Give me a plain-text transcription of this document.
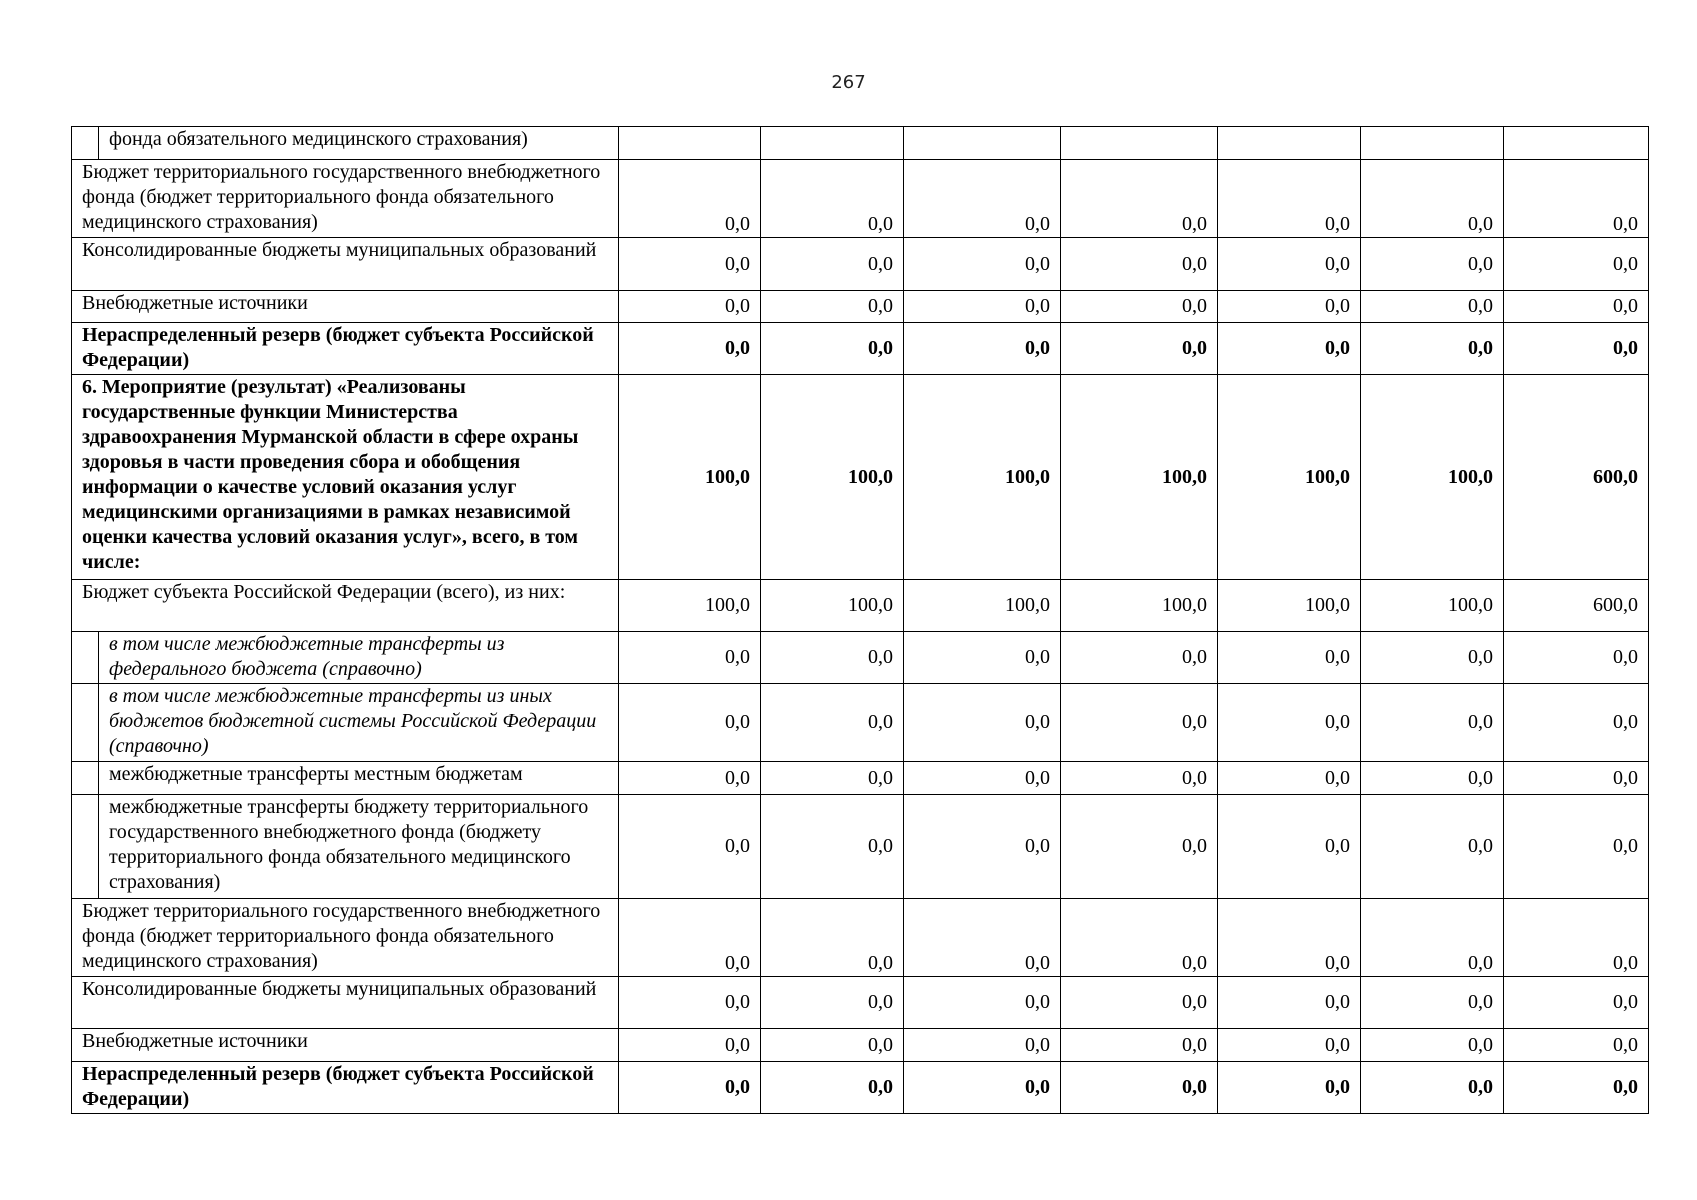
267
	фонда обязательного медицинского страхования)							
Бюджет территориального государственного внебюджетного фонда (бюджет территориального фонда обязательного медицинского страхования)		0,0	0,0	0,0	0,0	0,0	0,0	0,0
Консолидированные бюджеты муниципальных образований		0,0	0,0	0,0	0,0	0,0	0,0	0,0
Внебюджетные источники		0,0	0,0	0,0	0,0	0,0	0,0	0,0
Нераспределенный резерв (бюджет субъекта Российской Федерации)		0,0	0,0	0,0	0,0	0,0	0,0	0,0
6. Мероприятие (результат) «Реализованы государственные функции Министерства здравоохранения Мурманской области в сфере охраны здоровья в части проведения сбора и обобщения информации о качестве условий оказания услуг медицинскими организациями в рамках независимой оценки качества условий оказания услуг», всего, в том числе:		100,0	100,0	100,0	100,0	100,0	100,0	600,0
Бюджет субъекта Российской Федерации (всего), из них:		100,0	100,0	100,0	100,0	100,0	100,0	600,0
	в том числе межбюджетные трансферты из федерального бюджета (справочно)	0,0	0,0	0,0	0,0	0,0	0,0	0,0
	в том числе межбюджетные трансферты из иных бюджетов бюджетной системы Российской Федерации (справочно)	0,0	0,0	0,0	0,0	0,0	0,0	0,0
	межбюджетные трансферты местным бюджетам	0,0	0,0	0,0	0,0	0,0	0,0	0,0
	межбюджетные трансферты бюджету территориального государственного внебюджетного фонда (бюджету территориального фонда обязательного медицинского страхования)	0,0	0,0	0,0	0,0	0,0	0,0	0,0
Бюджет территориального государственного внебюджетного фонда (бюджет территориального фонда обязательного медицинского страхования)		0,0	0,0	0,0	0,0	0,0	0,0	0,0
Консолидированные бюджеты муниципальных образований		0,0	0,0	0,0	0,0	0,0	0,0	0,0
Внебюджетные источники		0,0	0,0	0,0	0,0	0,0	0,0	0,0
Нераспределенный резерв (бюджет субъекта Российской Федерации)		0,0	0,0	0,0	0,0	0,0	0,0	0,0
